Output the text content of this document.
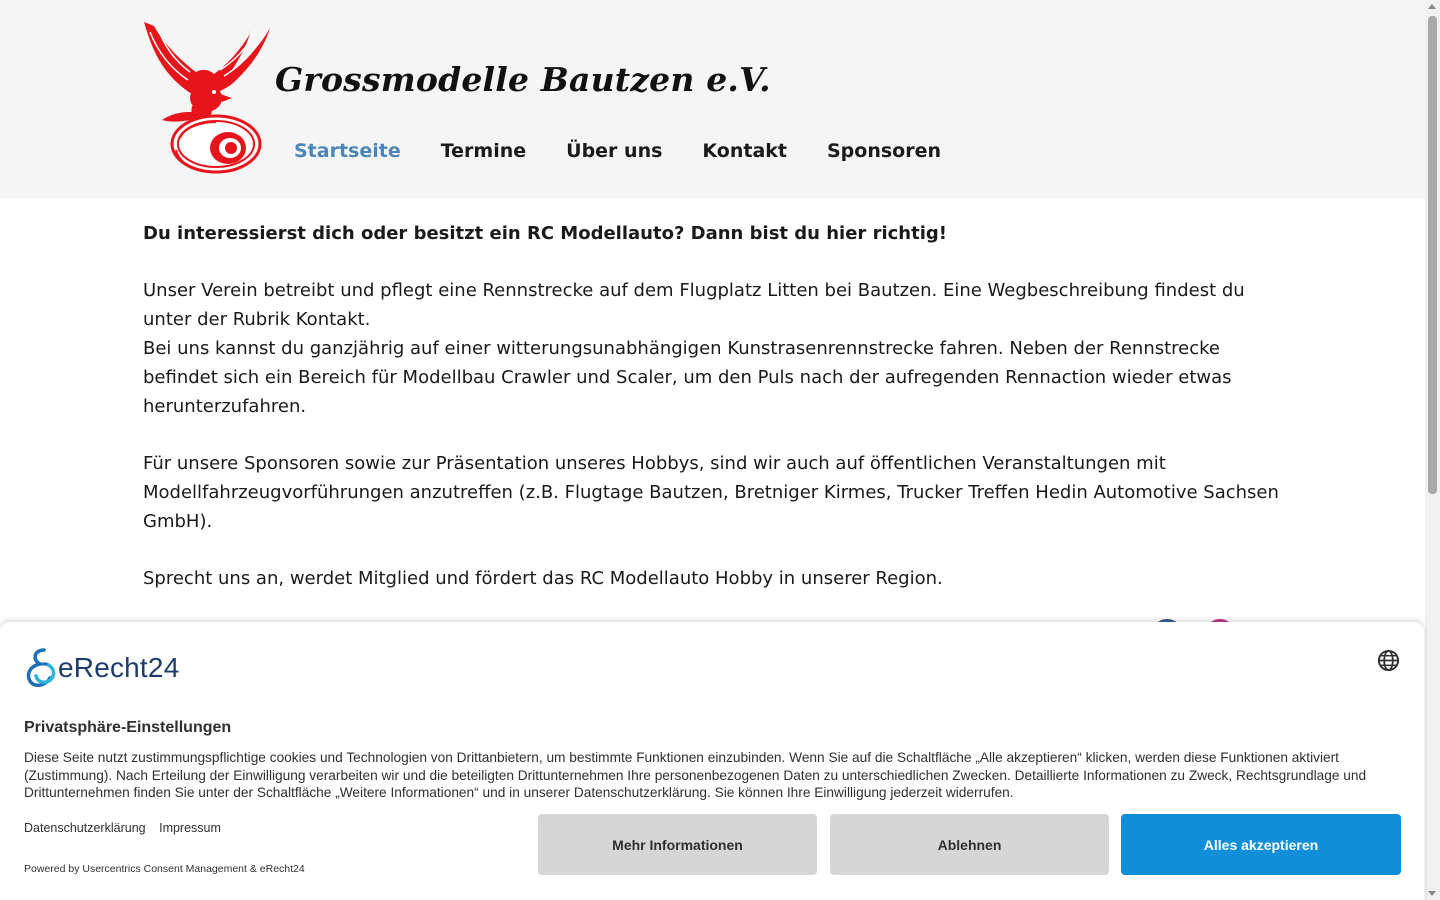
Grossmodelle Bautzen e.V.
Startseite Termine Über uns Kontakt Sponsoren

Du interessierst dich oder besitzt ein RC Modellauto? Dann bist du hier richtig!

Unser Verein betreibt und pflegt eine Rennstrecke auf dem Flugplatz Litten bei Bautzen. Eine Wegbeschreibung findest du unter der Rubrik Kontakt.
Bei uns kannst du ganzjährig auf einer witterungsunabhängigen Kunstrasenrennstrecke fahren. Neben der Rennstrecke befindet sich ein Bereich für Modellbau Crawler und Scaler, um den Puls nach der aufregenden Rennaction wieder etwas herunterzufahren.

Für unsere Sponsoren sowie zur Präsentation unseres Hobbys, sind wir auch auf öffentlichen Veranstaltungen mit Modellfahrzeugvorführungen anzutreffen (z.B. Flugtage Bautzen, Bretniger Kirmes, Trucker Treffen Hedin Automotive Sachsen GmbH).

Sprecht uns an, werdet Mitglied und fördert das RC Modellauto Hobby in unserer Region.

eRecht24
Privatsphäre-Einstellungen
Diese Seite nutzt zustimmungspflichtige cookies und Technologien von Drittanbietern, um bestimmte Funktionen einzubinden. Wenn Sie auf die Schaltfläche „Alle akzeptieren“ klicken, werden diese Funktionen aktiviert (Zustimmung). Nach Erteilung der Einwilligung verarbeiten wir und die beteiligten Drittunternehmen Ihre personenbezogenen Daten zu unterschiedlichen Zwecken. Detaillierte Informationen zu Zweck, Rechtsgrundlage und Drittunternehmen finden Sie unter der Schaltfläche „Weitere Informationen“ und in unserer Datenschutzerklärung. Sie können Ihre Einwilligung jederzeit widerrufen.
Datenschutzerklärung Impressum
Powered by Usercentrics Consent Management & eRecht24
Mehr Informationen	Ablehnen	Alles akzeptieren
